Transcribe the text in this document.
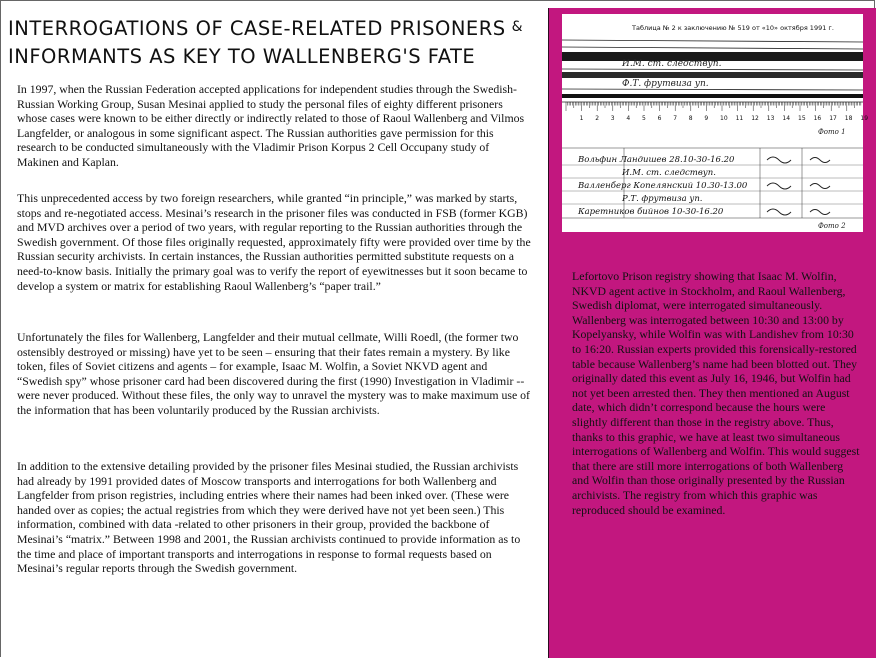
INTERROGATIONS OF CASE-RELATED PRISONERS &
INFORMANTS AS KEY TO WALLENBERG'S FATE

In 1997, when the Russian Federation accepted applications for independent studies through the Swedish-Russian Working Group, Susan Mesinai applied to study the personal files of eighty different prisoners whose cases were known to be either directly or indirectly related to those of Raoul Wallenberg and Vilmos Langfelder, or analogous in some significant aspect. The Russian authorities gave permission for this research to be conducted simultaneously with the Vladimir Prison Korpus 2 Cell Occupany study of Makinen and Kaplan.

This unprecedented access by two foreign researchers, while granted “in principle,” was marked by starts, stops and re-negotiated access. Mesinai’s research in the prisoner files was conducted in FSB (former KGB) and MVD archives over a period of two years, with regular reporting to the Russian authorities through the Swedish government. Of those files originally requested, approximately fifty were provided over time by the Russian security archivists. In certain instances, the Russian authorities permitted substitute requests on a need-to-know basis. Initially the primary goal was to verify the report of eyewitnesses but it soon became to develop a system or matrix for establishing Raoul Wallenberg’s “paper trail.”

Unfortunately the files for Wallenberg, Langfelder and their mutual cellmate, Willi Roedl, (the former two ostensibly destroyed or missing) have yet to be seen – ensuring that their fates remain a mystery. By like token, files of Soviet citizens and agents – for example, Isaac M. Wolfin, a Soviet NKVD agent and “Swedish spy” whose prisoner card had been discovered during the first (1990) Investigation in Vladimir --were never produced. Without these files, the only way to unravel the mystery was to make maximum use of the information that has been voluntarily produced by the Russian archivists.

In addition to the extensive detailing provided by the prisoner files Mesinai studied, the Russian archivists had already by 1991 provided dates of Moscow transports and interrogations for both Wallenberg and Langfelder from prison registries, including entries where their names had been inked over. (These were handed over as copies; the actual registries from which they were derived have not yet been seen.) This information, combined with data -related to other prisoners in their group, provided the backbone of Mesinai’s “matrix.” Between 1998 and 2001, the Russian archivists continued to provide information as to the time and place of important transports and interrogations in response to formal requests based on Mesinai’s regular reports through the Swedish government.

Таблица № 2 к заключению № 519 от «10» октября 1991 г.
И.М. ст. следствуп.
Ф.Т. фрутвиза уп.
1 2 3 4 5 6 7 8 9 10 11 12 13 14 15 16 17 18 19
Фото 1
Вольфин Ландишев 28.10-30-16.20
И.М. ст. следствуп.
Валленберг Копелянский 10.30-13.00
Р.Т. фрутвиза уп.
Каретников бийнов 10-30-16.20
Фото 2

Lefortovo Prison registry showing that Isaac M. Wolfin, NKVD agent active in Stockholm, and Raoul Wallenberg, Swedish diplomat, were interrogated simultaneously. Wallenberg was interrogated between 10:30 and 13:00 by Kopelyansky, while Wolfin was with Landishev from 10:30 to 16:20. Russian experts provided this forensically-restored table because Wallenberg’s name had been blotted out. They originally dated this event as July 16, 1946, but Wolfin had not yet been arrested then. They then mentioned an August date, which didn’t correspond because the hours were slightly different than those in the registry above. Thus, thanks to this graphic, we have at least two simultaneous interrogations of Wallenberg and Wolfin. This would suggest that there are still more interrogations of both Wallenberg and Wolfin than those originally presented by the Russian archivists. The registry from which this graphic was reproduced should be examined.
